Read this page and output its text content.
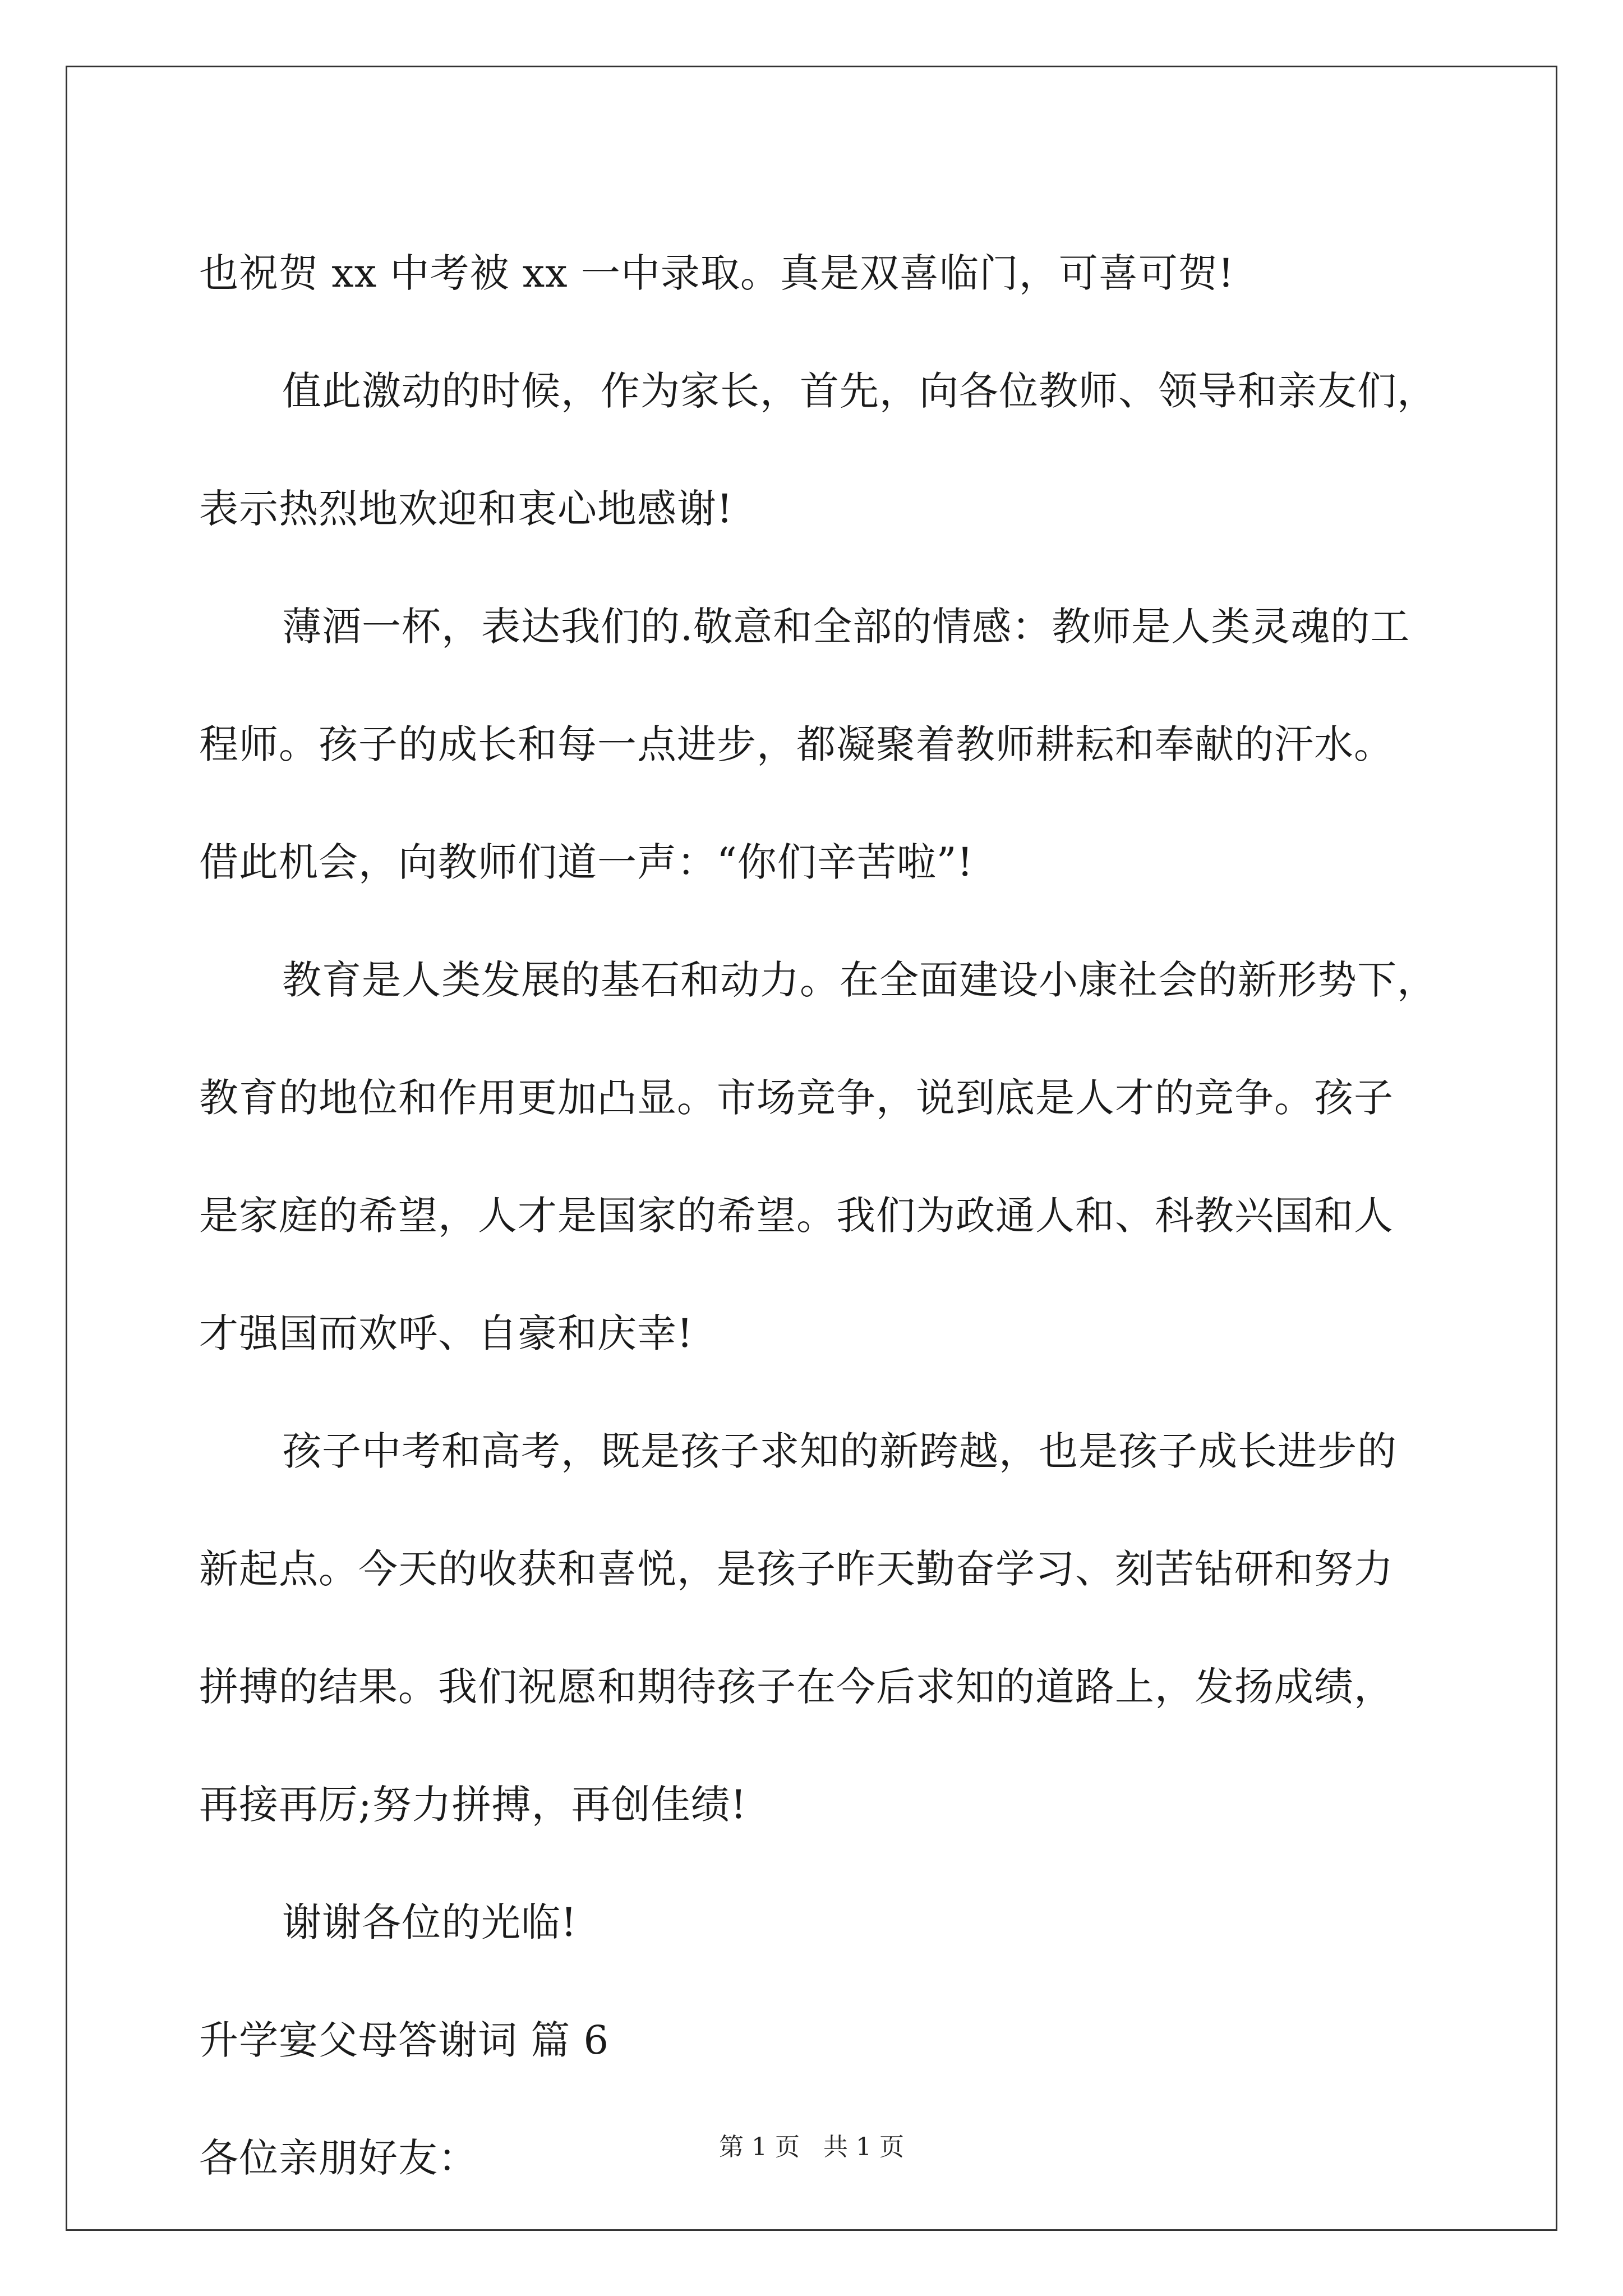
也祝贺 xx 中考被 xx 一中录取。真是双喜临门，可喜可贺!
值此激动的时候，作为家长，首先，向各位教师、领导和亲友们，
表示热烈地欢迎和衷心地感谢!
薄酒一杯，表达我们的.敬意和全部的情感：教师是人类灵魂的工
程师。孩子的成长和每一点进步，都凝聚着教师耕耘和奉献的汗水。
借此机会，向教师们道一声：“你们辛苦啦”!
教育是人类发展的基石和动力。在全面建设小康社会的新形势下，
教育的地位和作用更加凸显。市场竞争，说到底是人才的竞争。孩子
是家庭的希望，人才是国家的希望。我们为政通人和、科教兴国和人
才强国而欢呼、自豪和庆幸!
孩子中考和高考，既是孩子求知的新跨越，也是孩子成长进步的
新起点。今天的收获和喜悦，是孩子昨天勤奋学习、刻苦钻研和努力
拼搏的结果。我们祝愿和期待孩子在今后求知的道路上，发扬成绩，
再接再厉;努力拼搏，再创佳绩!
谢谢各位的光临!
升学宴父母答谢词 篇 6
各位亲朋好友：	第 1 页   共 1 页
